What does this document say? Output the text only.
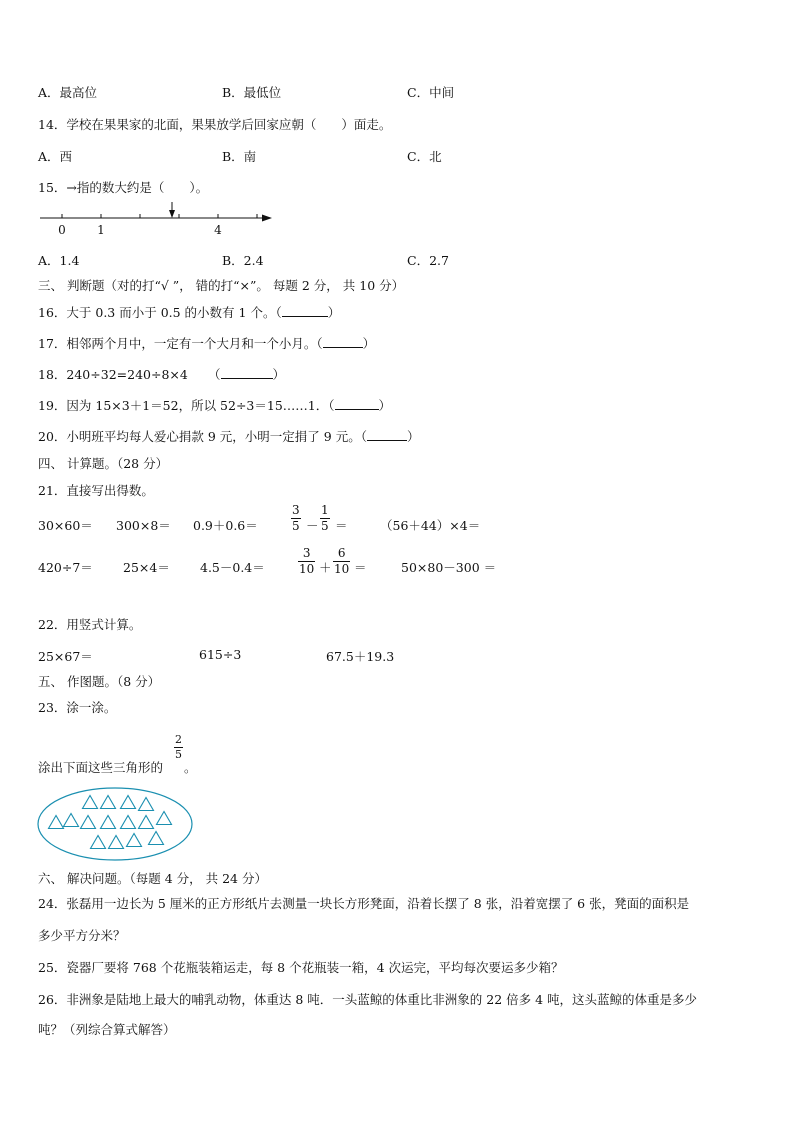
A．最高位	B．最低位	C．中间
14．学校在果果家的北面，果果放学后回家应朝（　　）面走。
A．西	B．南	C．北
15．→指的数大约是（　　）。
0	1	4
A．1.4	B．2.4	C．2.7
三、 判断题（对的打“√ ”， 错的打“×”。 每题 2 分， 共 10 分）
16．大于 0.3 而小于 0.5 的小数有 1 个。（	）
17．相邻两个月中，一定有一个大月和一个小月。（	）
18．240÷32=240÷8×4 （	）
19．因为 15×3＋1＝52，所以 52÷3＝15……1．（	）
20．小明班平均每人爱心捐款 9 元，小明一定捐了 9 元。（	）
四、 计算题。（28 分）
21．直接写出得数。
30×60＝ 300×8＝ 0.9＋0.6＝	$\frac{3}{5} - \frac{1}{5}$ ＝	（56＋44）×4＝
420÷7＝ 25×4＝ 4.5－0.4＝	$\frac{3}{10} + \frac{6}{10}$ ＝	50×80－300 ＝
22．用竖式计算。
25×67＝	615÷3	67.5＋19.3
五、 作图题。（8 分）
23．涂一涂。
涂出下面这些三角形的
$\frac{2}{5}$
。
六、 解决问题。（每题 4 分， 共 24 分）
24．张磊用一边长为 5 厘米的正方形纸片去测量一块长方形凳面，沿着长摆了 8 张，沿着宽摆了 6 张，凳面的面积是
多少平方分米？
25．瓷器厂要将 768 个花瓶装箱运走，每 8 个花瓶装一箱，4 次运完，平均每次要运多少箱？
26．非洲象是陆地上最大的哺乳动物，体重达 8 吨．一头蓝鲸的体重比非洲象的 22 倍多 4 吨，这头蓝鲸的体重是多少
吨？（列综合算式解答）
